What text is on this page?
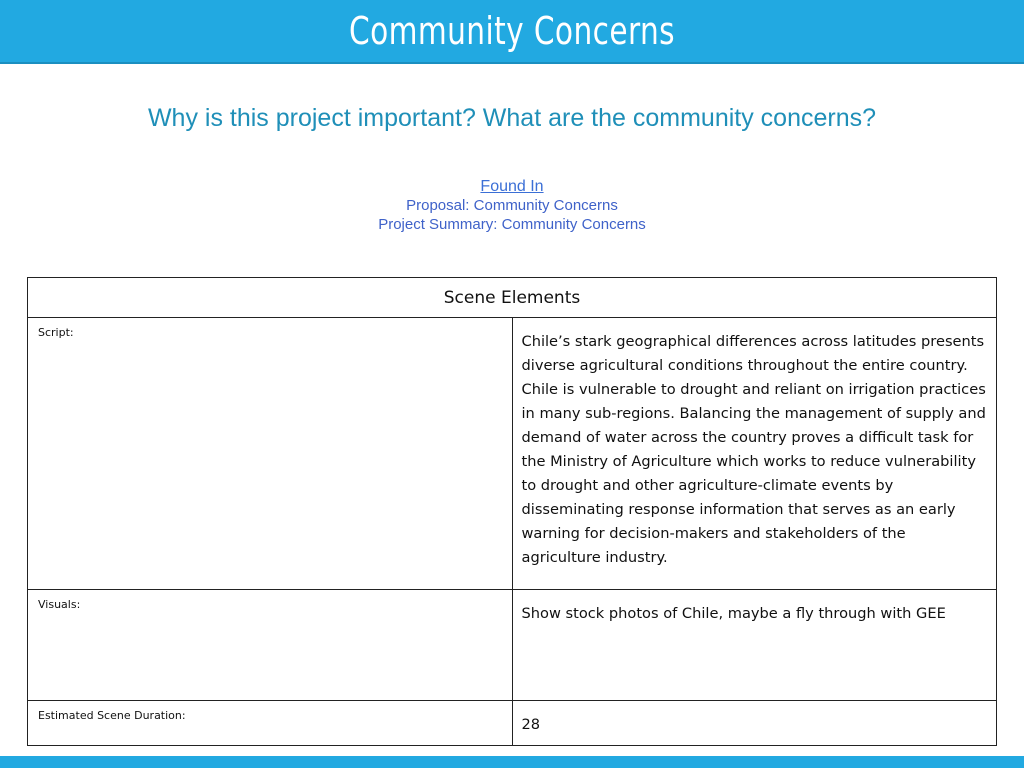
Community Concerns
Why is this project important? What are the community concerns?
Found In
Proposal: Community Concerns
Project Summary: Community Concerns
Scene Elements	
Script:	Chile’s stark geographical differences across latitudes presents diverse agricultural conditions throughout the entire country. Chile is vulnerable to drought and reliant on irrigation practices in many sub-regions. Balancing the management of supply and demand of water across the country proves a difficult task for the Ministry of Agriculture which works to reduce vulnerability to drought and other agriculture-climate events by disseminating response information that serves as an early warning for decision-makers and stakeholders of the agriculture industry.
Visuals:	Show stock photos of Chile, maybe a fly through with GEE
Estimated Scene Duration:	28
